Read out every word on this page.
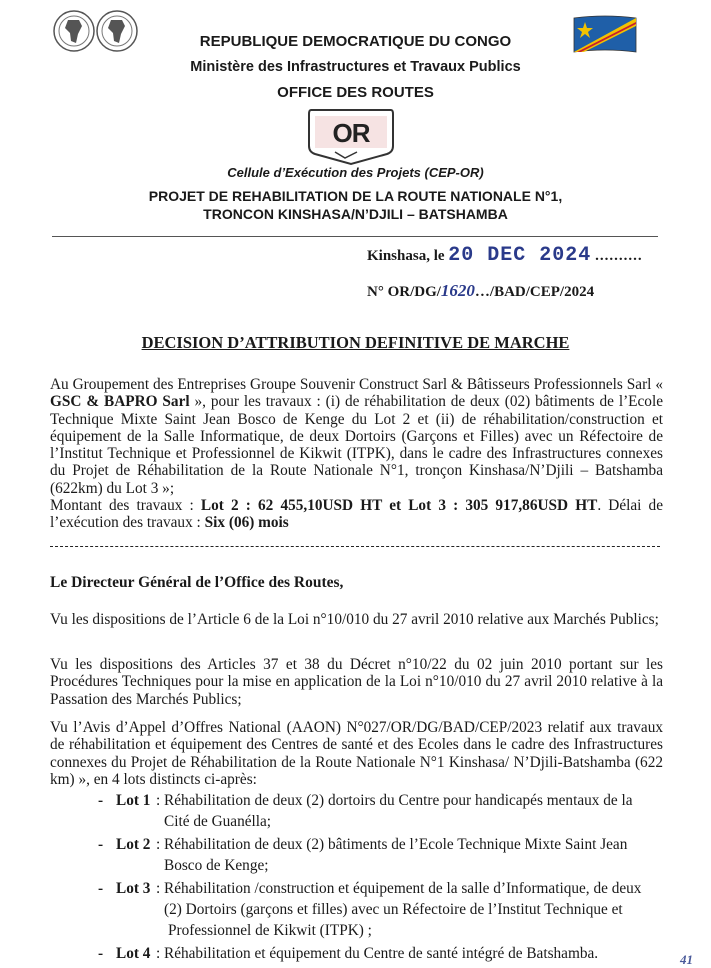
REPUBLIQUE DEMOCRATIQUE DU CONGO
Ministère des Infrastructures et Travaux Publics
OFFICE DES ROUTES
OR
Cellule d’Exécution des Projets (CEP-OR)
PROJET DE REHABILITATION DE LA ROUTE NATIONALE N°1,
TRONCON KINSHASA/N’DJILI – BATSHAMBA
Kinshasa, le 20 DEC 2024 ..........
N° OR/DG/1620…/BAD/CEP/2024
DECISION D’ATTRIBUTION DEFINITIVE DE MARCHE
Au Groupement des Entreprises Groupe Souvenir Construct Sarl & Bâtisseurs Professionnels Sarl « GSC & BAPRO Sarl », pour les travaux : (i) de réhabilitation de deux (02) bâtiments de l’Ecole Technique Mixte Saint Jean Bosco de Kenge du Lot 2 et (ii) de réhabilitation/construction et équipement de la Salle Informatique, de deux Dortoirs (Garçons et Filles) avec un Réfectoire de l’Institut Technique et Professionnel de Kikwit (ITPK), dans le cadre des Infrastructures connexes du Projet de Réhabilitation de la Route Nationale N°1, tronçon Kinshasa/N’Djili – Batshamba (622km) du Lot 3 »;
Montant des travaux : Lot 2 : 62 455,10USD HT et Lot 3 : 305 917,86USD HT. Délai de l’exécution des travaux : Six (06) mois
Le Directeur Général de l’Office des Routes,
Vu les dispositions de l’Article 6 de la Loi n°10/010 du 27 avril 2010 relative aux Marchés Publics;
Vu les dispositions des Articles 37 et 38 du Décret n°10/22 du 02 juin 2010 portant sur les Procédures Techniques pour la mise en application de la Loi n°10/010 du 27 avril 2010 relative à la Passation des Marchés Publics;
Vu l’Avis d’Appel d’Offres National (AAON) N°027/OR/DG/BAD/CEP/2023 relatif aux travaux de réhabilitation et équipement des Centres de santé et des Ecoles dans le cadre des Infrastructures connexes du Projet de Réhabilitation de la Route Nationale N°1 Kinshasa/ N’Djili-Batshamba (622 km) », en 4 lots distincts ci-après:
- Lot 1 : Réhabilitation de deux (2) dortoirs du Centre pour handicapés mentaux de la
Cité de Guanélla;
- Lot 2 : Réhabilitation de deux (2) bâtiments de l’Ecole Technique Mixte Saint Jean
Bosco de Kenge;
- Lot 3 : Réhabilitation /construction et équipement de la salle d’Informatique, de deux
(2) Dortoirs (garçons et filles) avec un Réfectoire de l’Institut Technique et
Professionnel de Kikwit (ITPK) ;
- Lot 4 : Réhabilitation et équipement du Centre de santé intégré de Batshamba.	41
